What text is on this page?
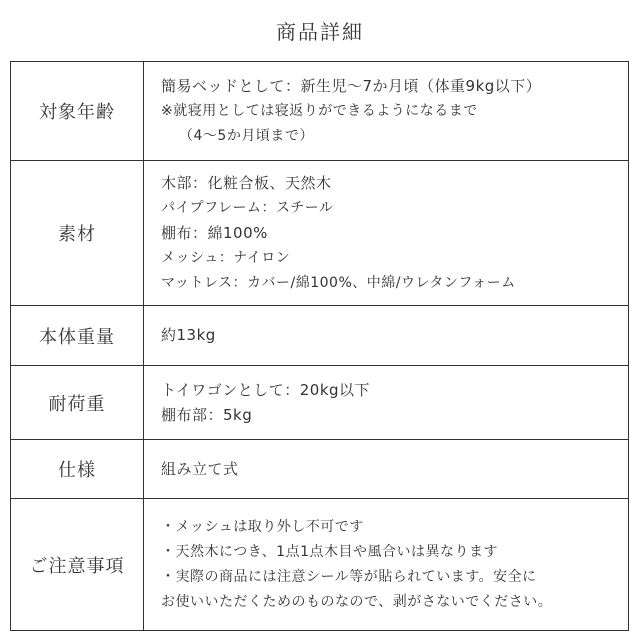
商品詳細
対象年齢	簡易ベッドとして：新生児〜7か月頃（体重9kg以下）
※就寝用としては寝返りができるようになるまで
（4〜5か月頃まで）

素材	木部：化粧合板、天然木
パイプフレーム：スチール
棚布：綿100%
メッシュ：ナイロン
マットレス：カバー/綿100%、中綿/ウレタンフォーム

本体重量	約13kg

耐荷重	トイワゴンとして：20kg以下
棚布部：5kg

仕様	組み立て式

ご注意事項	・メッシュは取り外し不可です
・天然木につき、1点1点木目や風合いは異なります
・実際の商品には注意シール等が貼られています。安全に
お使いいただくためのものなので、剥がさないでください。
